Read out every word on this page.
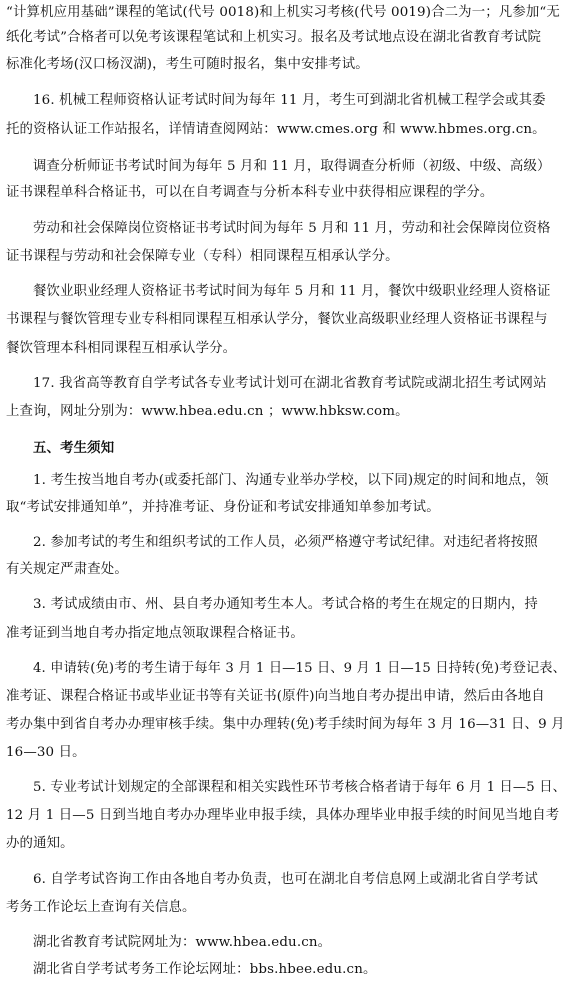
“计算机应用基础”课程的笔试(代号 0018)和上机实习考核(代号 0019)合二为一；凡参加“无
纸化考试”合格者可以免考该课程笔试和上机实习。报名及考试地点设在湖北省教育考试院
标准化考场(汉口杨汊湖)，考生可随时报名，集中安排考试。
16. 机械工程师资格认证考试时间为每年 11 月，考生可到湖北省机械工程学会或其委
托的资格认证工作站报名，详情请查阅网站：www.cmes.org 和 www.hbmes.org.cn。
调查分析师证书考试时间为每年 5 月和 11 月，取得调查分析师（初级、中级、高级）
证书课程单科合格证书，可以在自考调查与分析本科专业中获得相应课程的学分。
劳动和社会保障岗位资格证书考试时间为每年 5 月和 11 月，劳动和社会保障岗位资格
证书课程与劳动和社会保障专业（专科）相同课程互相承认学分。
餐饮业职业经理人资格证书考试时间为每年 5 月和 11 月，餐饮中级职业经理人资格证
书课程与餐饮管理专业专科相同课程互相承认学分，餐饮业高级职业经理人资格证书课程与
餐饮管理本科相同课程互相承认学分。
17. 我省高等教育自学考试各专业考试计划可在湖北省教育考试院或湖北招生考试网站
上查询，网址分别为：www.hbea.edu.cn ；www.hbksw.com。
五、考生须知
1. 考生按当地自考办(或委托部门、沟通专业举办学校，以下同)规定的时间和地点，领
取“考试安排通知单”，并持准考证、身份证和考试安排通知单参加考试。
2. 参加考试的考生和组织考试的工作人员，必须严格遵守考试纪律。对违纪者将按照
有关规定严肃查处。
3. 考试成绩由市、州、县自考办通知考生本人。考试合格的考生在规定的日期内，持
准考证到当地自考办指定地点领取课程合格证书。
4. 申请转(免)考的考生请于每年 3 月 1 日—15 日、9 月 1 日—15 日持转(免)考登记表、
准考证、课程合格证书或毕业证书等有关证书(原件)向当地自考办提出申请，然后由各地自
考办集中到省自考办办理审核手续。集中办理转(免)考手续时间为每年 3 月 16—31 日、9 月
16—30 日。
5. 专业考试计划规定的全部课程和相关实践性环节考核合格者请于每年 6 月 1 日—5 日、
12 月 1 日—5 日到当地自考办办理毕业申报手续，具体办理毕业申报手续的时间见当地自考
办的通知。
6. 自学考试咨询工作由各地自考办负责，也可在湖北自考信息网上或湖北省自学考试
考务工作论坛上查询有关信息。
湖北省教育考试院网址为：www.hbea.edu.cn。
湖北省自学考试考务工作论坛网址：bbs.hbee.edu.cn。
